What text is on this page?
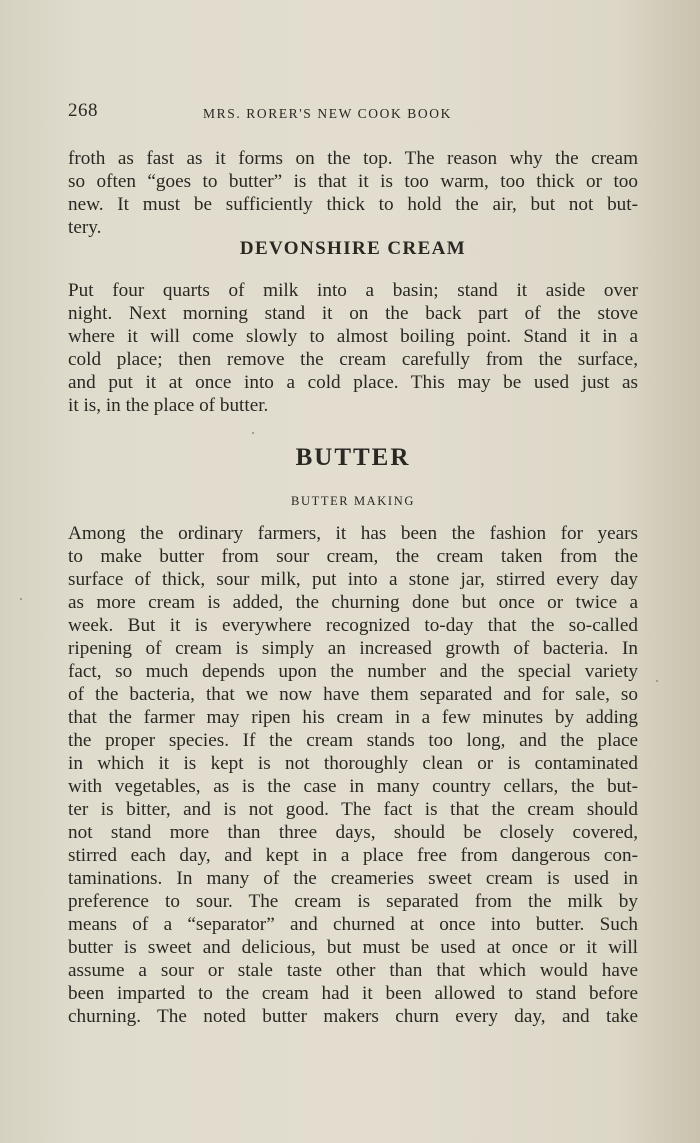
268	MRS. RORER'S NEW COOK BOOK
froth as fast as it forms on the top. The reason why the cream
so often “goes to butter” is that it is too warm, too thick or too
new. It must be sufficiently thick to hold the air, but not but-
tery.
DEVONSHIRE CREAM
Put four quarts of milk into a basin; stand it aside over
night. Next morning stand it on the back part of the stove
where it will come slowly to almost boiling point. Stand it in a
cold place; then remove the cream carefully from the surface,
and put it at once into a cold place. This may be used just as
it is, in the place of butter.
BUTTER
BUTTER MAKING
Among the ordinary farmers, it has been the fashion for years
to make butter from sour cream, the cream taken from the
surface of thick, sour milk, put into a stone jar, stirred every day
as more cream is added, the churning done but once or twice a
week. But it is everywhere recognized to-day that the so-called
ripening of cream is simply an increased growth of bacteria. In
fact, so much depends upon the number and the special variety
of the bacteria, that we now have them separated and for sale, so
that the farmer may ripen his cream in a few minutes by adding
the proper species. If the cream stands too long, and the place
in which it is kept is not thoroughly clean or is contaminated
with vegetables, as is the case in many country cellars, the but-
ter is bitter, and is not good. The fact is that the cream should
not stand more than three days, should be closely covered,
stirred each day, and kept in a place free from dangerous con-
taminations. In many of the creameries sweet cream is used in
preference to sour. The cream is separated from the milk by
means of a “separator” and churned at once into butter. Such
butter is sweet and delicious, but must be used at once or it will
assume a sour or stale taste other than that which would have
been imparted to the cream had it been allowed to stand before
churning. The noted butter makers churn every day, and take
